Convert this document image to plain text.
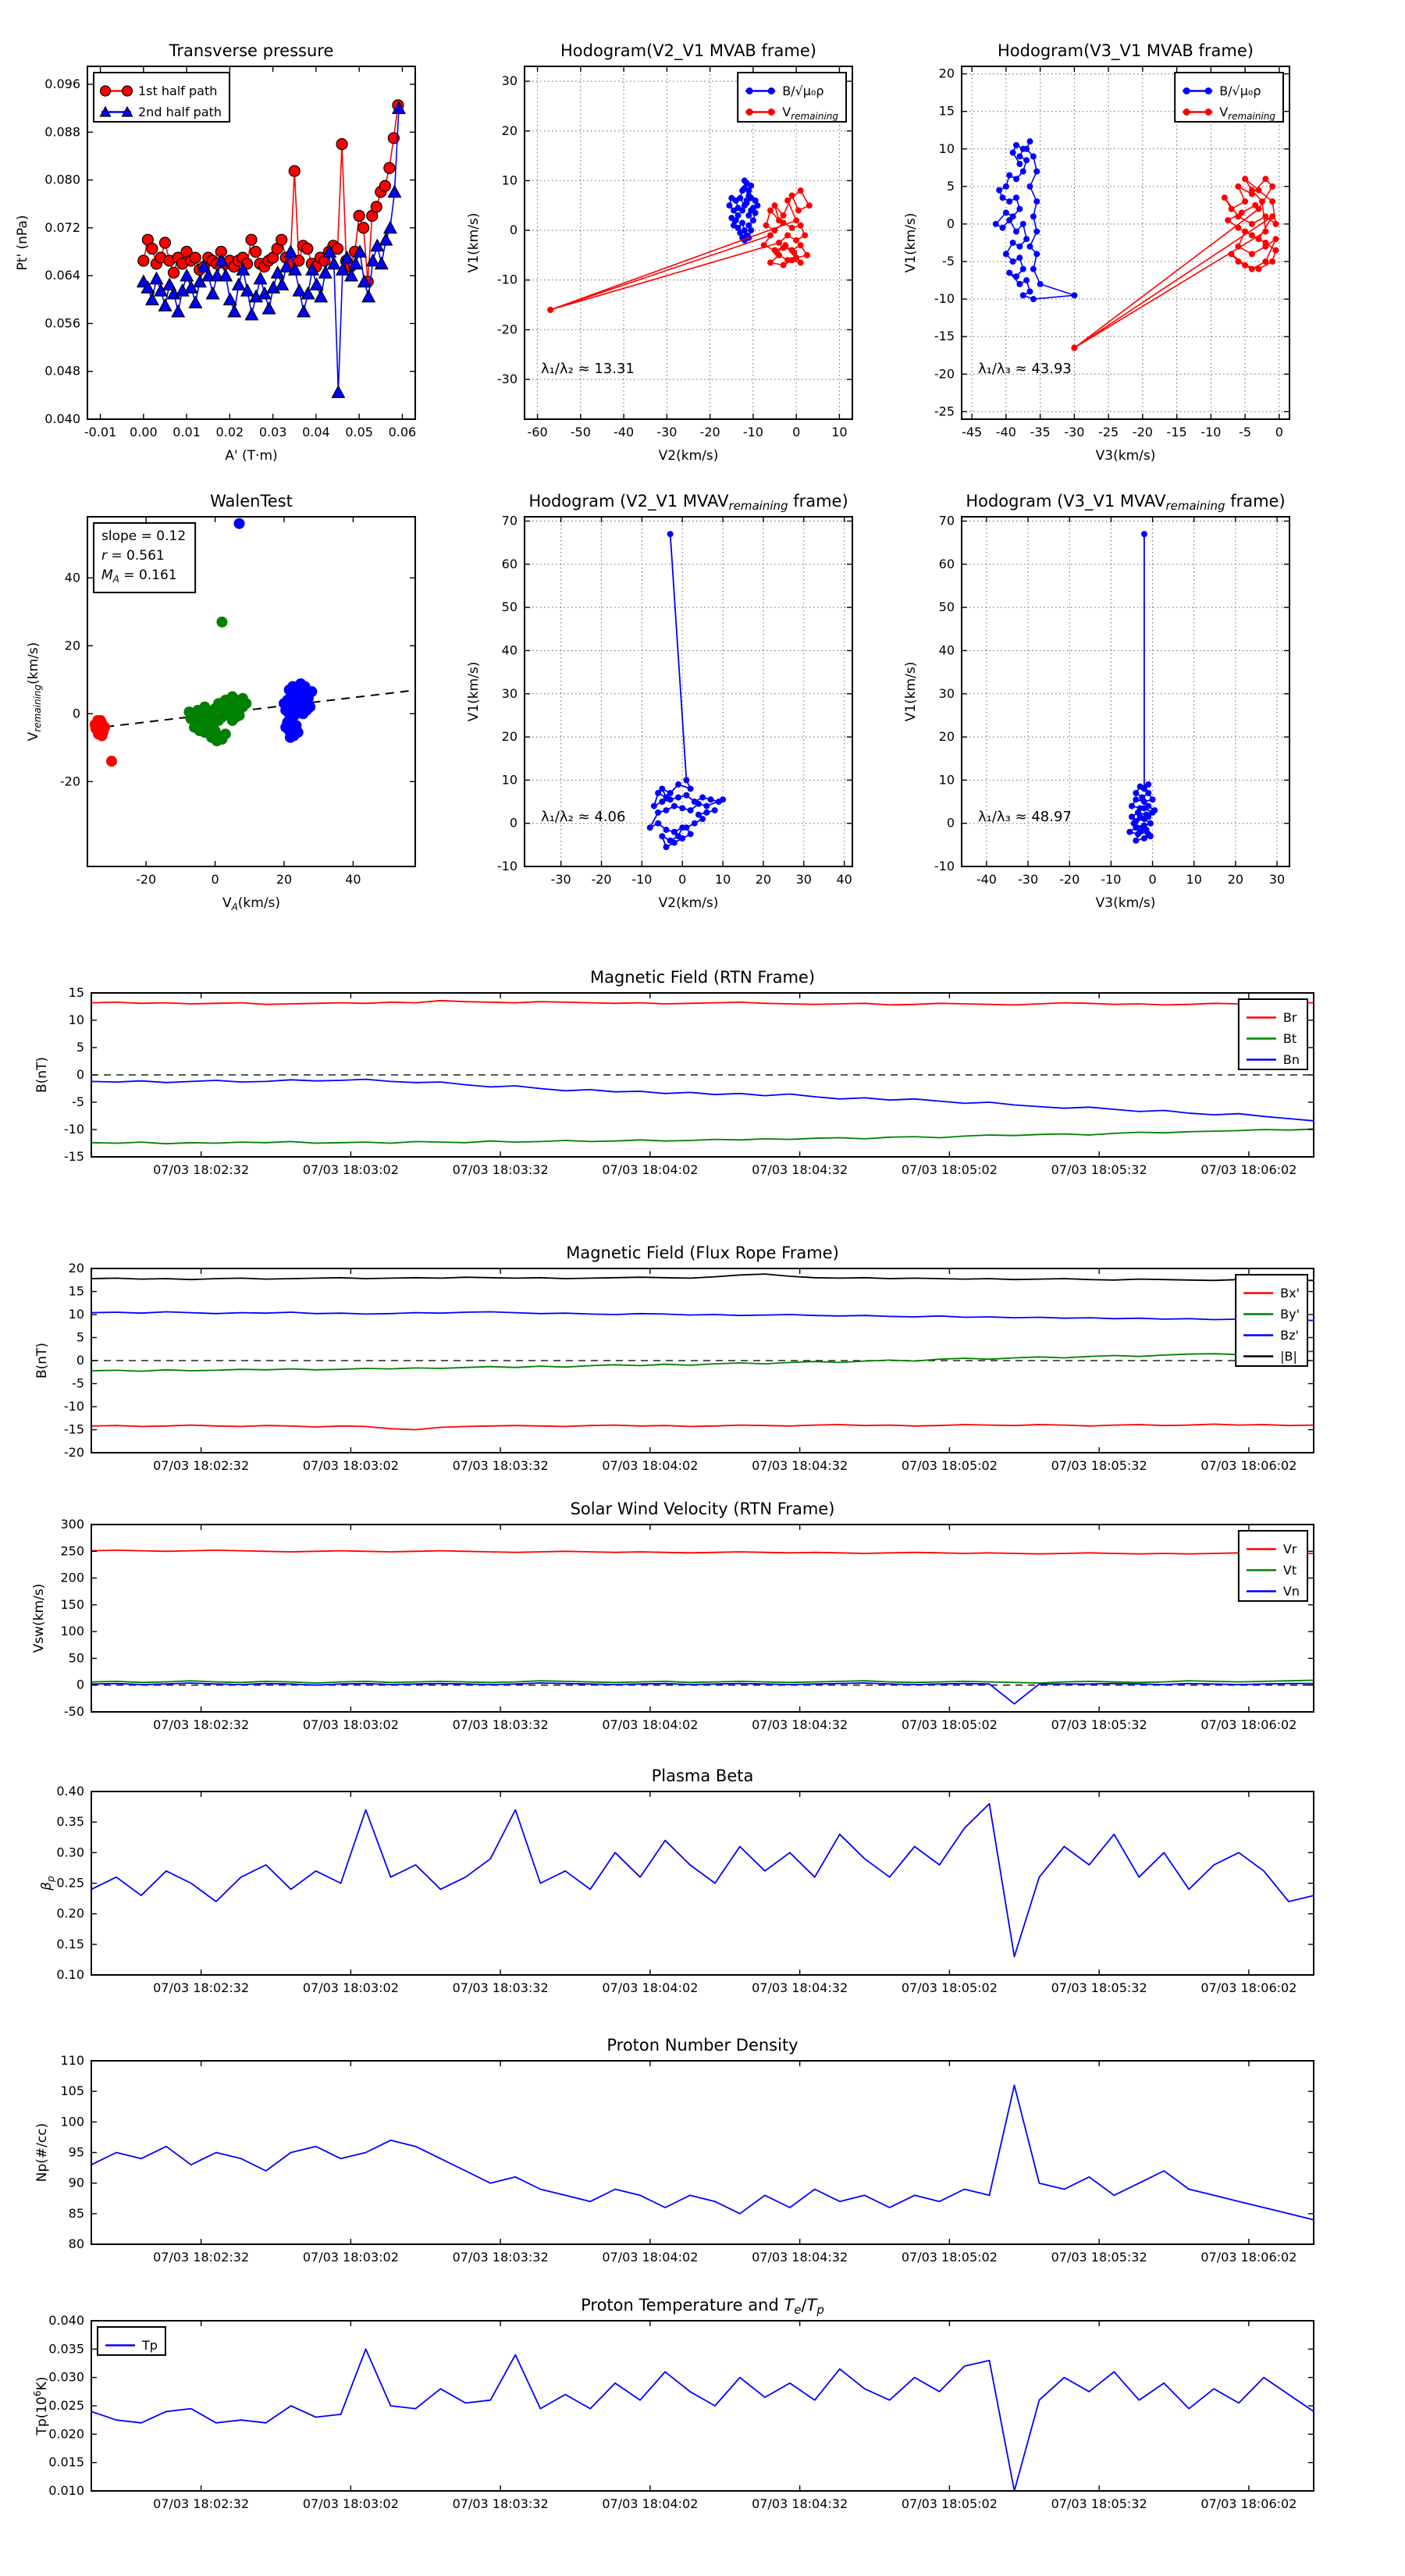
-0.01 0.00 0.01 0.02 0.03 0.04 0.05 0.06
0.040
0.048
0.056
0.064
0.072
0.080
0.088
0.096
Transverse pressure
A' (T·m)
Pt' (nPa)
1st half path
2nd half path
-60 -50 -40 -30 -20 -10 0 10
30
20
10
0
-10
-20
-30
Hodogram(V2_V1 MVAB frame)
V2(km/s)
V1(km/s)
λ₁/λ₂ ≈ 13.31
B/√μ₀ρ
$V_{remaining}$
-45 -40 -35 -30 -25 -20 -15 -10 -5 0
20
15
10
5
0
-5
-10
-15
-20
-25
Hodogram(V3_V1 MVAB frame)
V3(km/s)
V1(km/s)
λ₁/λ₃ ≈ 43.93
B/√μ₀ρ
$V_{remaining}$
-20	0	20	40
40
20
0
-20
WalenTest
$V_A(km/s)$
$V_{remaining}(km/s)$
slope = 0.12
r = 0.561
$M_A = 0.161$
-30 -20 -10 0 10 20 30 40
70
60
50
40
30
20
10
0
-10
Hodogram (V2_V1 MVAVremaining frame)
V2(km/s)
V1(km/s)
λ₁/λ₂ ≈ 4.06
-40 -30 -20 -10 0 10 20 30
70
60
50
40
30
20
10
0
-10
Hodogram (V3_V1 MVAVremaining frame)
V3(km/s)
V1(km/s)
λ₁/λ₃ ≈ 48.97
07/03 18:02:32	07/03 18:03:02	07/03 18:03:32	07/03 18:04:02	07/03 18:04:32	07/03 18:05:02	07/03 18:05:32	07/03 18:06:02
15
10
5
0
-5
-10
-15
Magnetic Field (RTN Frame)
B(nT)
Br
Bt
Bn
07/03 18:02:32	07/03 18:03:02	07/03 18:03:32	07/03 18:04:02	07/03 18:04:32	07/03 18:05:02	07/03 18:05:32	07/03 18:06:02
20
15
10
5
0
-5
-10
-15
-20
Magnetic Field (Flux Rope Frame)
B(nT)
Bx'
By'
Bz'
|B|
07/03 18:02:32	07/03 18:03:02	07/03 18:03:32	07/03 18:04:02	07/03 18:04:32	07/03 18:05:02	07/03 18:05:32	07/03 18:06:02
300
250
200
150
100
50
0
-50
Solar Wind Velocity (RTN Frame)
Vsw(km/s)
Vr
Vt
Vn
07/03 18:02:32	07/03 18:03:02	07/03 18:03:32	07/03 18:04:02	07/03 18:04:32	07/03 18:05:02	07/03 18:05:32	07/03 18:06:02
0.40
0.35
0.30
0.25
0.20
0.15
0.10
Plasma Beta
$\beta_p$
07/03 18:02:32	07/03 18:03:02	07/03 18:03:32	07/03 18:04:02	07/03 18:04:32	07/03 18:05:02	07/03 18:05:32	07/03 18:06:02
110
105
100
95
90
85
80
Proton Number Density
Np(#/cc)
07/03 18:02:32	07/03 18:03:02	07/03 18:03:32	07/03 18:04:02	07/03 18:04:32	07/03 18:05:02	07/03 18:05:32	07/03 18:06:02
0.040
0.035
0.030
0.025
0.020
0.015
0.010
Proton Temperature and Te/Tp
$Tp(10^6K)$
Tp
